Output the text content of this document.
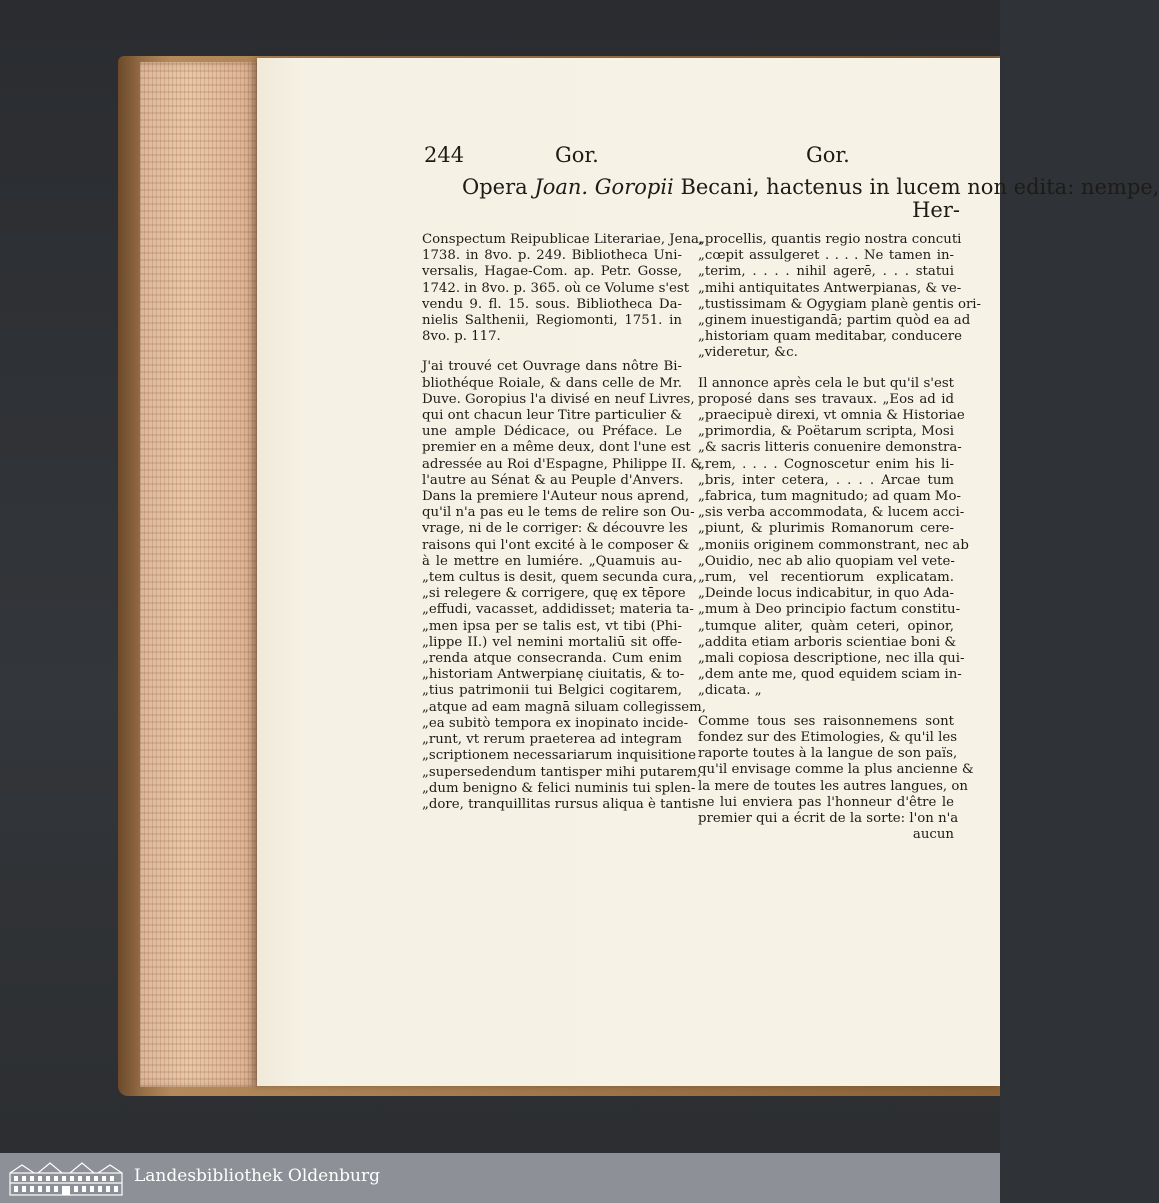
244	Gor.	Gor.
Opera Joan. Goropii Becani, hactenus in lucem non edita: nempe,
Her-
Conspectum Reipublicae Literariae, Jena,
1738. in 8vo. p. 249. Bibliotheca Uni-
versalis, Hagae-Com. ap. Petr. Gosse,
1742. in 8vo. p. 365. où ce Volume s'est
vendu 9. fl. 15. sous. Bibliotheca Da-
nielis Salthenii, Regiomonti, 1751. in
8vo. p. 117.
J'ai trouvé cet Ouvrage dans nôtre Bi-
bliothéque Roiale, & dans celle de Mr.
Duve. Goropius l'a divisé en neuf Livres,
qui ont chacun leur Titre particulier &
une ample Dédicace, ou Préface. Le
premier en a même deux, dont l'une est
adressée au Roi d'Espagne, Philippe II. &
l'autre au Sénat & au Peuple d'Anvers.
Dans la premiere l'Auteur nous aprend,
qu'il n'a pas eu le tems de relire son Ou-
vrage, ni de le corriger: & découvre les
raisons qui l'ont excité à le composer &
à le mettre en lumiére. „Quamuis au-
„tem cultus is desit, quem secunda cura,
„si relegere & corrigere, quę ex tēpore
„effudi, vacasset, addidisset; materia ta-
„men ipsa per se talis est, vt tibi (Phi-
„lippe II.) vel nemini mortaliū sit offe-
„renda atque consecranda. Cum enim
„historiam Antwerpianę ciuitatis, & to-
„tius patrimonii tui Belgici cogitarem,
„atque ad eam magnā siluam collegissem,
„ea subitò tempora ex inopinato incide-
„runt, vt rerum praeterea ad integram
„scriptionem necessariarum inquisitione
„supersedendum tantisper mihi putarem,
„dum benigno & felici numinis tui splen-
„dore, tranquillitas rursus aliqua è tantis
„procellis, quantis regio nostra concuti
„cœpit assulgeret . . . . Ne tamen in-
„terim, . . . . nihil agerē, . . . statui
„mihi antiquitates Antwerpianas, & ve-
„tustissimam & Ogygiam planè gentis ori-
„ginem inuestigandā; partim quòd ea ad
„historiam quam meditabar, conducere
„videretur, &c.
Il annonce après cela le but qu'il s'est
proposé dans ses travaux. „Eos ad id
„praecipuè direxi, vt omnia & Historiae
„primordia, & Poëtarum scripta, Mosi
„& sacris litteris conuenire demonstra-
„rem, . . . . Cognoscetur enim his li-
„bris, inter cetera, . . . . Arcae tum
„fabrica, tum magnitudo; ad quam Mo-
„sis verba accommodata, & lucem acci-
„piunt, & plurimis Romanorum cere-
„moniis originem commonstrant, nec ab
„Ouidio, nec ab alio quopiam vel vete-
„rum, vel recentiorum explicatam.
„Deinde locus indicabitur, in quo Ada-
„mum à Deo principio factum constitu-
„tumque aliter, quàm ceteri, opinor,
„addita etiam arboris scientiae boni &
„mali copiosa descriptione, nec illa qui-
„dem ante me, quod equidem sciam in-
„dicata. „
Comme tous ses raisonnemens sont
fondez sur des Etimologies, & qu'il les
raporte toutes à la langue de son païs,
qu'il envisage comme la plus ancienne &
la mere de toutes les autres langues, on
ne lui enviera pas l'honneur d'être le
premier qui a écrit de la sorte: l'on n'a
aucun
Landesbibliothek Oldenburg
